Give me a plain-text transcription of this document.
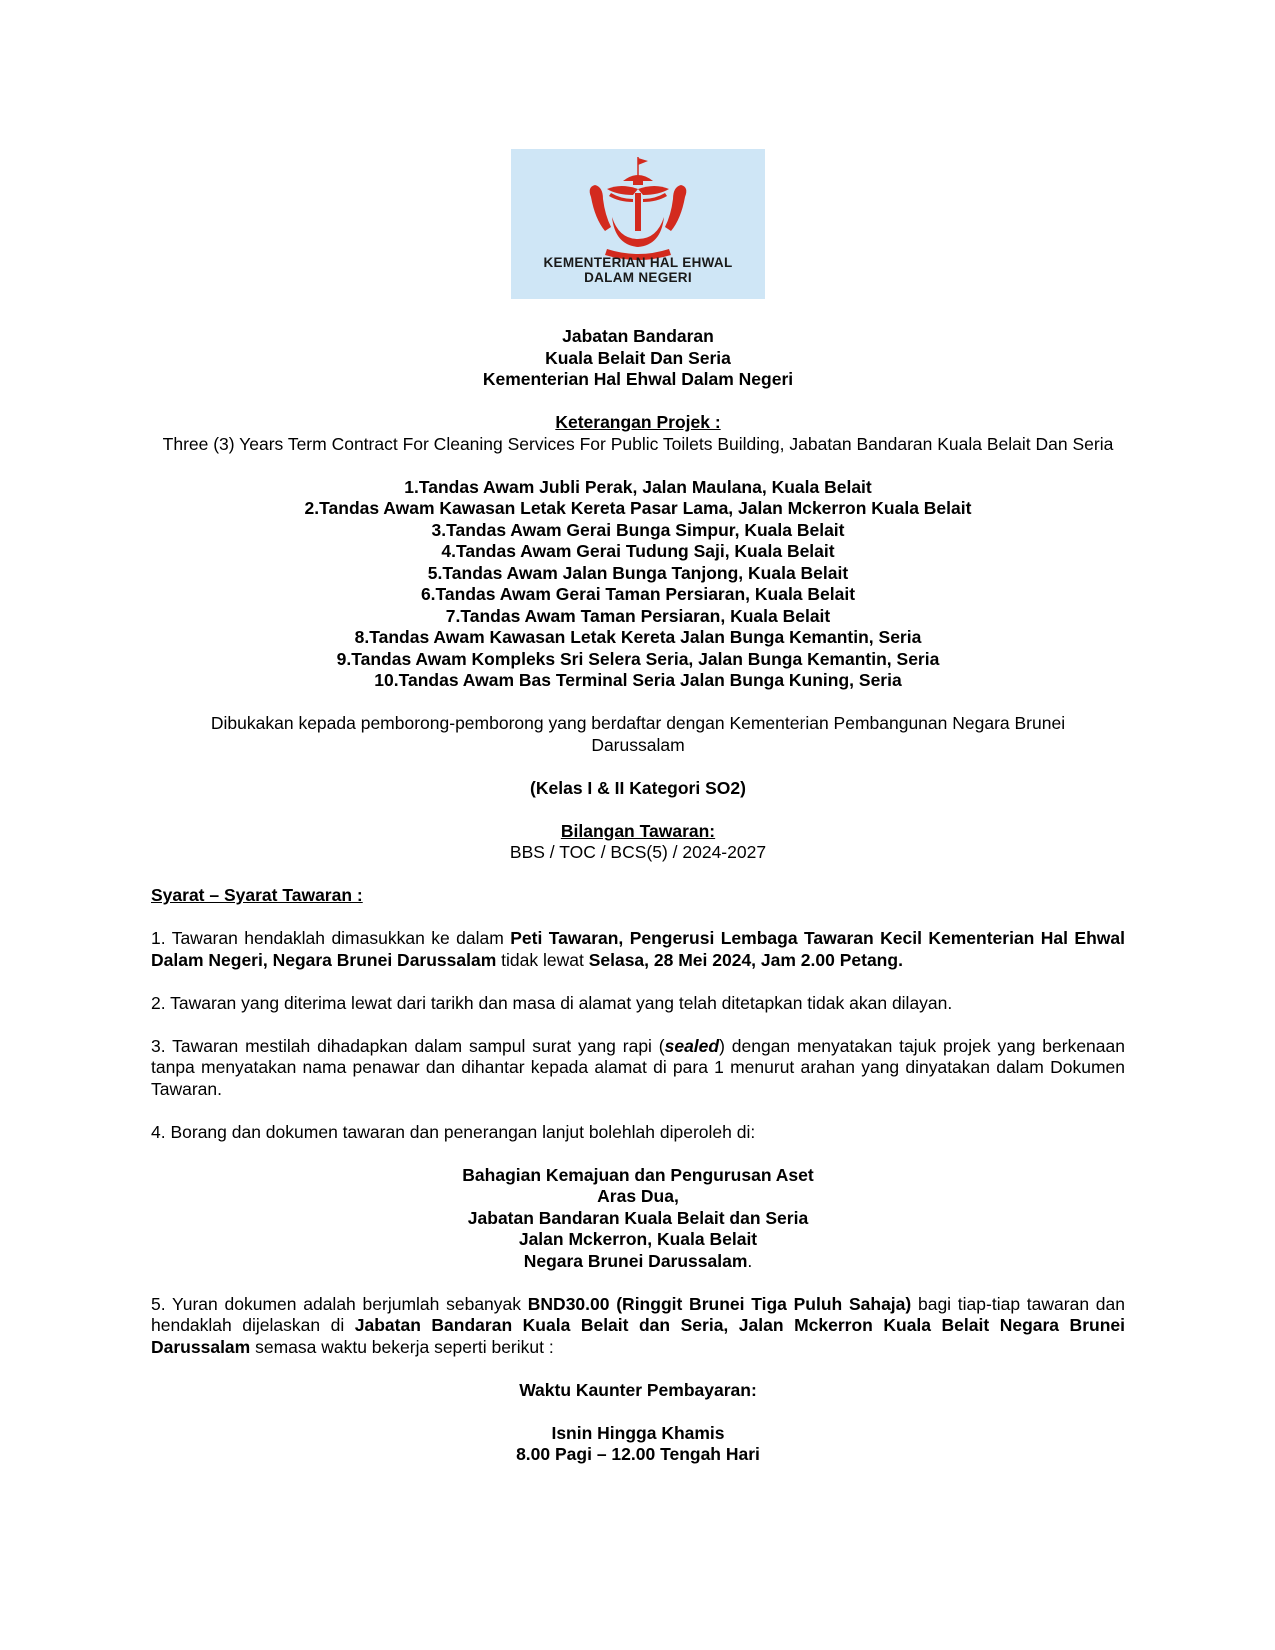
KEMENTERIAN HAL EHWAL
DALAM NEGERI
Jabatan Bandaran
Kuala Belait Dan Seria
Kementerian Hal Ehwal Dalam Negeri
Keterangan Projek :
Three (3) Years Term Contract For Cleaning Services For Public Toilets Building, Jabatan Bandaran Kuala Belait Dan Seria
1.Tandas Awam Jubli Perak, Jalan Maulana, Kuala Belait
2.Tandas Awam Kawasan Letak Kereta Pasar Lama, Jalan Mckerron Kuala Belait
3.Tandas Awam Gerai Bunga Simpur, Kuala Belait
4.Tandas Awam Gerai Tudung Saji, Kuala Belait
5.Tandas Awam Jalan Bunga Tanjong, Kuala Belait
6.Tandas Awam Gerai Taman Persiaran, Kuala Belait
7.Tandas Awam Taman Persiaran, Kuala Belait
8.Tandas Awam Kawasan Letak Kereta Jalan Bunga Kemantin, Seria
9.Tandas Awam Kompleks Sri Selera Seria, Jalan Bunga Kemantin, Seria
10.Tandas Awam Bas Terminal Seria Jalan Bunga Kuning, Seria
Dibukakan kepada pemborong-pemborong yang berdaftar dengan Kementerian Pembangunan Negara Brunei Darussalam
(Kelas I & II Kategori SO2)
Bilangan Tawaran:
BBS / TOC / BCS(5) / 2024-2027
Syarat – Syarat Tawaran :
1. Tawaran hendaklah dimasukkan ke dalam Peti Tawaran, Pengerusi Lembaga Tawaran Kecil Kementerian Hal Ehwal Dalam Negeri, Negara Brunei Darussalam tidak lewat Selasa, 28 Mei 2024, Jam 2.00 Petang.
2. Tawaran yang diterima lewat dari tarikh dan masa di alamat yang telah ditetapkan tidak akan dilayan.
3. Tawaran mestilah dihadapkan dalam sampul surat yang rapi (sealed) dengan menyatakan tajuk projek yang berkenaan tanpa menyatakan nama penawar dan dihantar kepada alamat di para 1 menurut arahan yang dinyatakan dalam Dokumen Tawaran.
4. Borang dan dokumen tawaran dan penerangan lanjut bolehlah diperoleh di:
Bahagian Kemajuan dan Pengurusan Aset
Aras Dua,
Jabatan Bandaran Kuala Belait dan Seria
Jalan Mckerron, Kuala Belait
Negara Brunei Darussalam.
5. Yuran dokumen adalah berjumlah sebanyak BND30.00 (Ringgit Brunei Tiga Puluh Sahaja) bagi tiap-tiap tawaran dan hendaklah dijelaskan di Jabatan Bandaran Kuala Belait dan Seria, Jalan Mckerron Kuala Belait Negara Brunei Darussalam semasa waktu bekerja seperti berikut :
Waktu Kaunter Pembayaran:
Isnin Hingga Khamis
8.00 Pagi – 12.00 Tengah Hari
